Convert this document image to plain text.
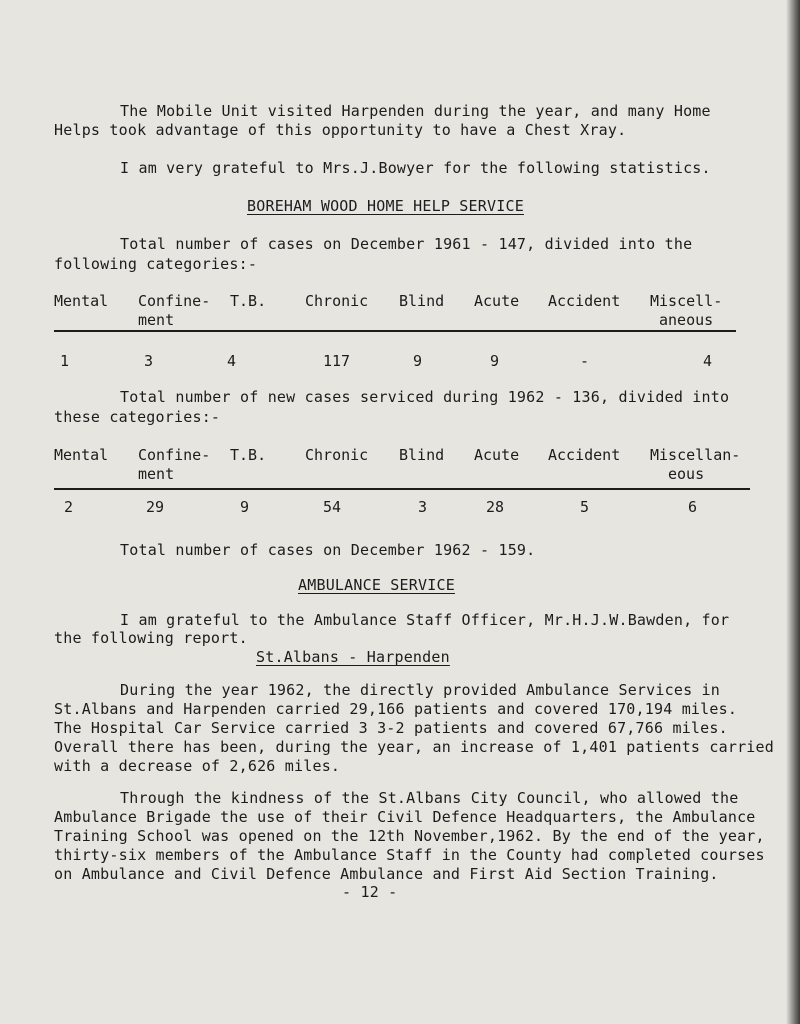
The Mobile Unit visited Harpenden during the year, and many Home
Helps took advantage of this opportunity to have a Chest Xray.
I am very grateful to Mrs.J.Bowyer for the following statistics.
BOREHAM WOOD HOME HELP SERVICE
Total number of cases on December 1961 - 147, divided into the
following categories:-
Mental Confine- T.B.	Chronic Blind Acute Accident Miscell-
ment	aneous
1	3	4	117	9	9	-	4
Total number of new cases serviced during 1962 - 136, divided into
these categories:-
Mental Confine- T.B.	Chronic Blind Acute Accident Miscellan-
ment	eous
2	29	9	54	3	28	5	6
Total number of cases on December 1962 - 159.
AMBULANCE SERVICE
I am grateful to the Ambulance Staff Officer, Mr.H.J.W.Bawden, for
the following report.
St.Albans - Harpenden
During the year 1962, the directly provided Ambulance Services in
St.Albans and Harpenden carried 29,166 patients and covered 170,194 miles.
The Hospital Car Service carried 3 3-2 patients and covered 67,766 miles.
Overall there has been, during the year, an increase of 1,401 patients carried
with a decrease of 2,626 miles.
Through the kindness of the St.Albans City Council, who allowed the
Ambulance Brigade the use of their Civil Defence Headquarters, the Ambulance
Training School was opened on the 12th November,1962. By the end of the year,
thirty-six members of the Ambulance Staff in the County had completed courses
on Ambulance and Civil Defence Ambulance and First Aid Section Training.
- 12 -
